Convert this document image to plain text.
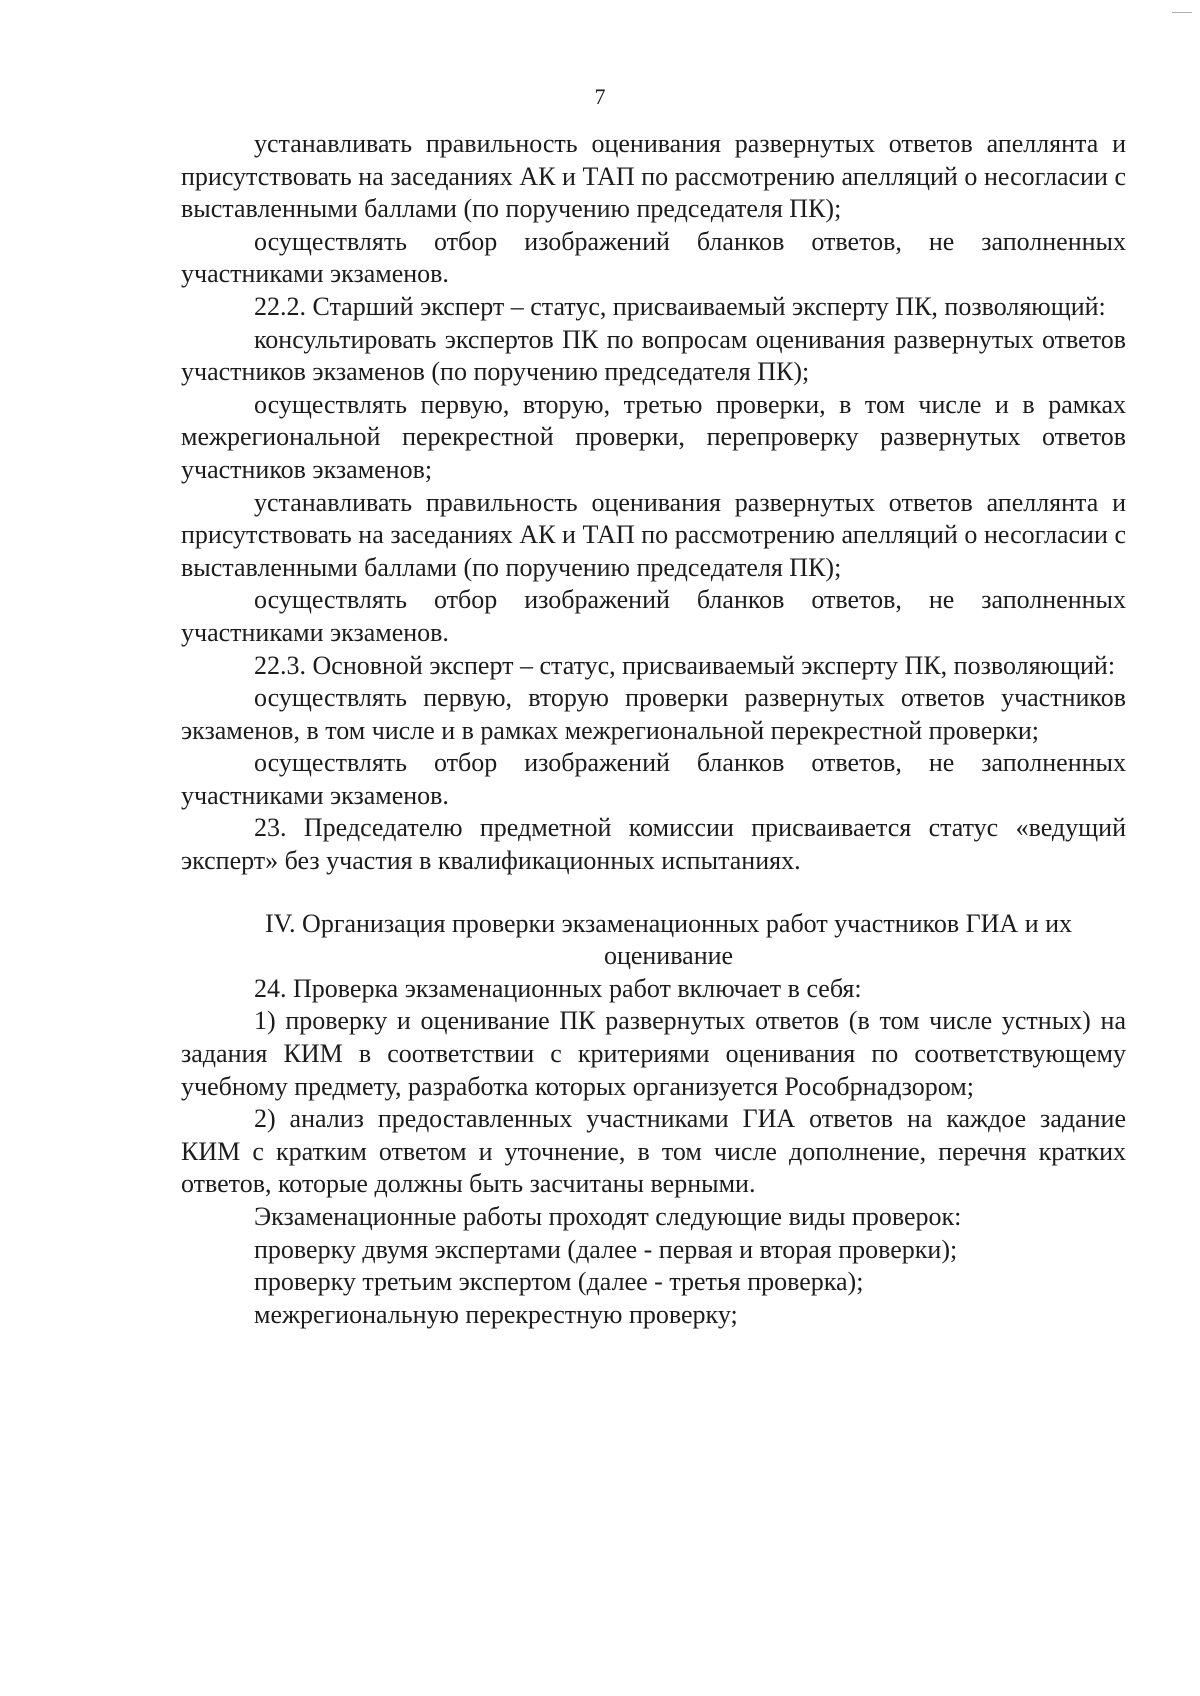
7

устанавливать правильность оценивания развернутых ответов апеллянта и присутствовать на заседаниях АК и ТАП по рассмотрению апелляций о несогласии с выставленными баллами (по поручению председателя ПК);

осуществлять отбор изображений бланков ответов, не заполненных участниками экзаменов.

22.2. Старший эксперт – статус, присваиваемый эксперту ПК, позволяющий:

консультировать экспертов ПК по вопросам оценивания развернутых ответов участников экзаменов (по поручению председателя ПК);

осуществлять первую, вторую, третью проверки, в том числе и в рамках межрегиональной перекрестной проверки, перепроверку развернутых ответов участников экзаменов;

устанавливать правильность оценивания развернутых ответов апеллянта и присутствовать на заседаниях АК и ТАП по рассмотрению апелляций о несогласии с выставленными баллами (по поручению председателя ПК);

осуществлять отбор изображений бланков ответов, не заполненных участниками экзаменов.

22.3. Основной эксперт – статус, присваиваемый эксперту ПК, позволяющий:

осуществлять первую, вторую проверки развернутых ответов участников экзаменов, в том числе и в рамках межрегиональной перекрестной проверки;

осуществлять отбор изображений бланков ответов, не заполненных участниками экзаменов.

23. Председателю предметной комиссии присваивается статус «ведущий эксперт» без участия в квалификационных испытаниях.

IV. Организация проверки экзаменационных работ участников ГИА и их оценивание

24. Проверка экзаменационных работ включает в себя:

1) проверку и оценивание ПК развернутых ответов (в том числе устных) на задания КИМ в соответствии с критериями оценивания по соответствующему учебному предмету, разработка которых организуется Рособрнадзором;

2) анализ предоставленных участниками ГИА ответов на каждое задание КИМ с кратким ответом и уточнение, в том числе дополнение, перечня кратких ответов, которые должны быть засчитаны верными.

Экзаменационные работы проходят следующие виды проверок:

проверку двумя экспертами (далее - первая и вторая проверки);

проверку третьим экспертом (далее - третья проверка);

межрегиональную перекрестную проверку;
